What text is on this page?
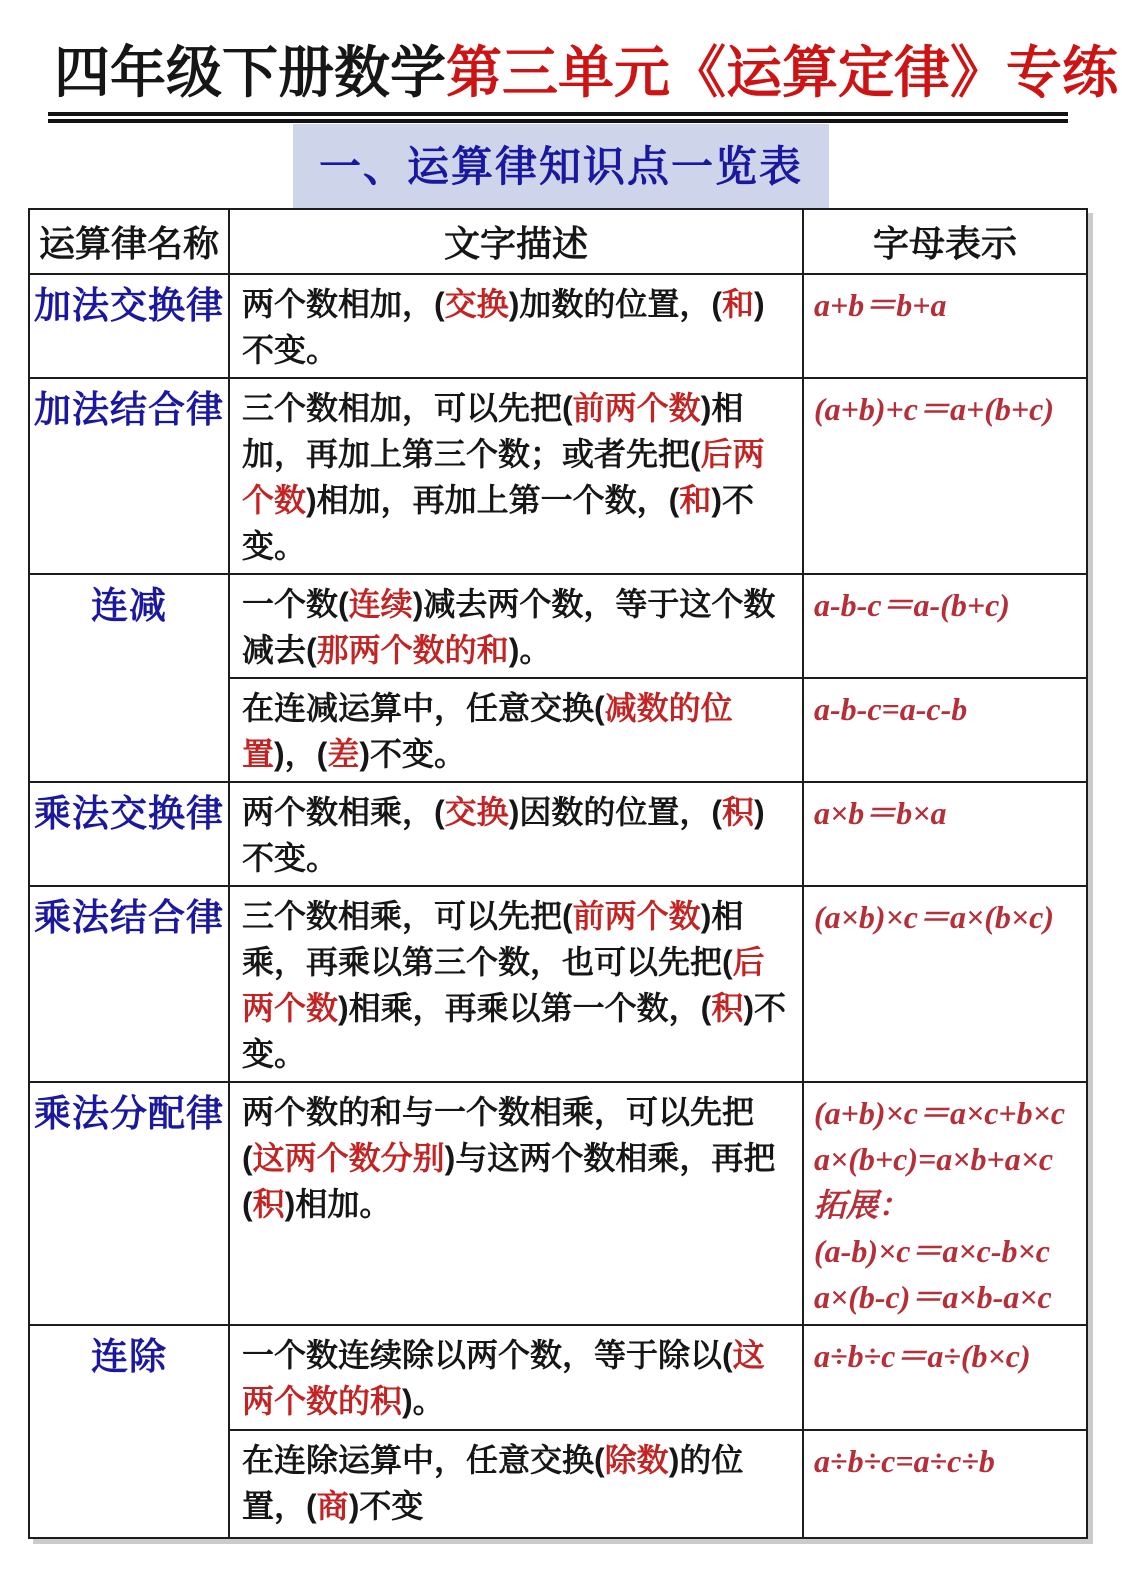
四年级下册数学第三单元《运算定律》专练
一、运算律知识点一览表
运算律名称	文字描述	字母表示
加法交换律	两个数相加，(交换)加数的位置，(和)不变。	a+b＝b+a

加法结合律	三个数相加，可以先把(前两个数)相加，再加上第三个数；或者先把(后两个数)相加，再加上第一个数，(和)不变。	(a+b)+c＝a+(b+c)

连减	一个数(连续)减去两个数，等于这个数减去(那两个数的和)。	a-b-c＝a-(b+c)

	在连减运算中，任意交换(减数的位置)，(差)不变。	a-b-c=a-c-b

乘法交换律	两个数相乘，(交换)因数的位置，(积)不变。	a×b＝b×a

乘法结合律	三个数相乘，可以先把(前两个数)相乘，再乘以第三个数，也可以先把(后两个数)相乘，再乘以第一个数，(积)不变。	(a×b)×c＝a×(b×c)

乘法分配律	两个数的和与一个数相乘，可以先把(这两个数分别)与这两个数相乘，再把(积)相加。	(a+b)×c＝a×c+b×c
a×(b+c)=a×b+a×c
拓展：
(a-b)×c＝a×c-b×c
a×(b-c)＝a×b-a×c

连除	一个数连续除以两个数，等于除以(这两个数的积)。	a÷b÷c＝a÷(b×c)

	在连除运算中，任意交换(除数)的位置，(商)不变	a÷b÷c=a÷c÷b
